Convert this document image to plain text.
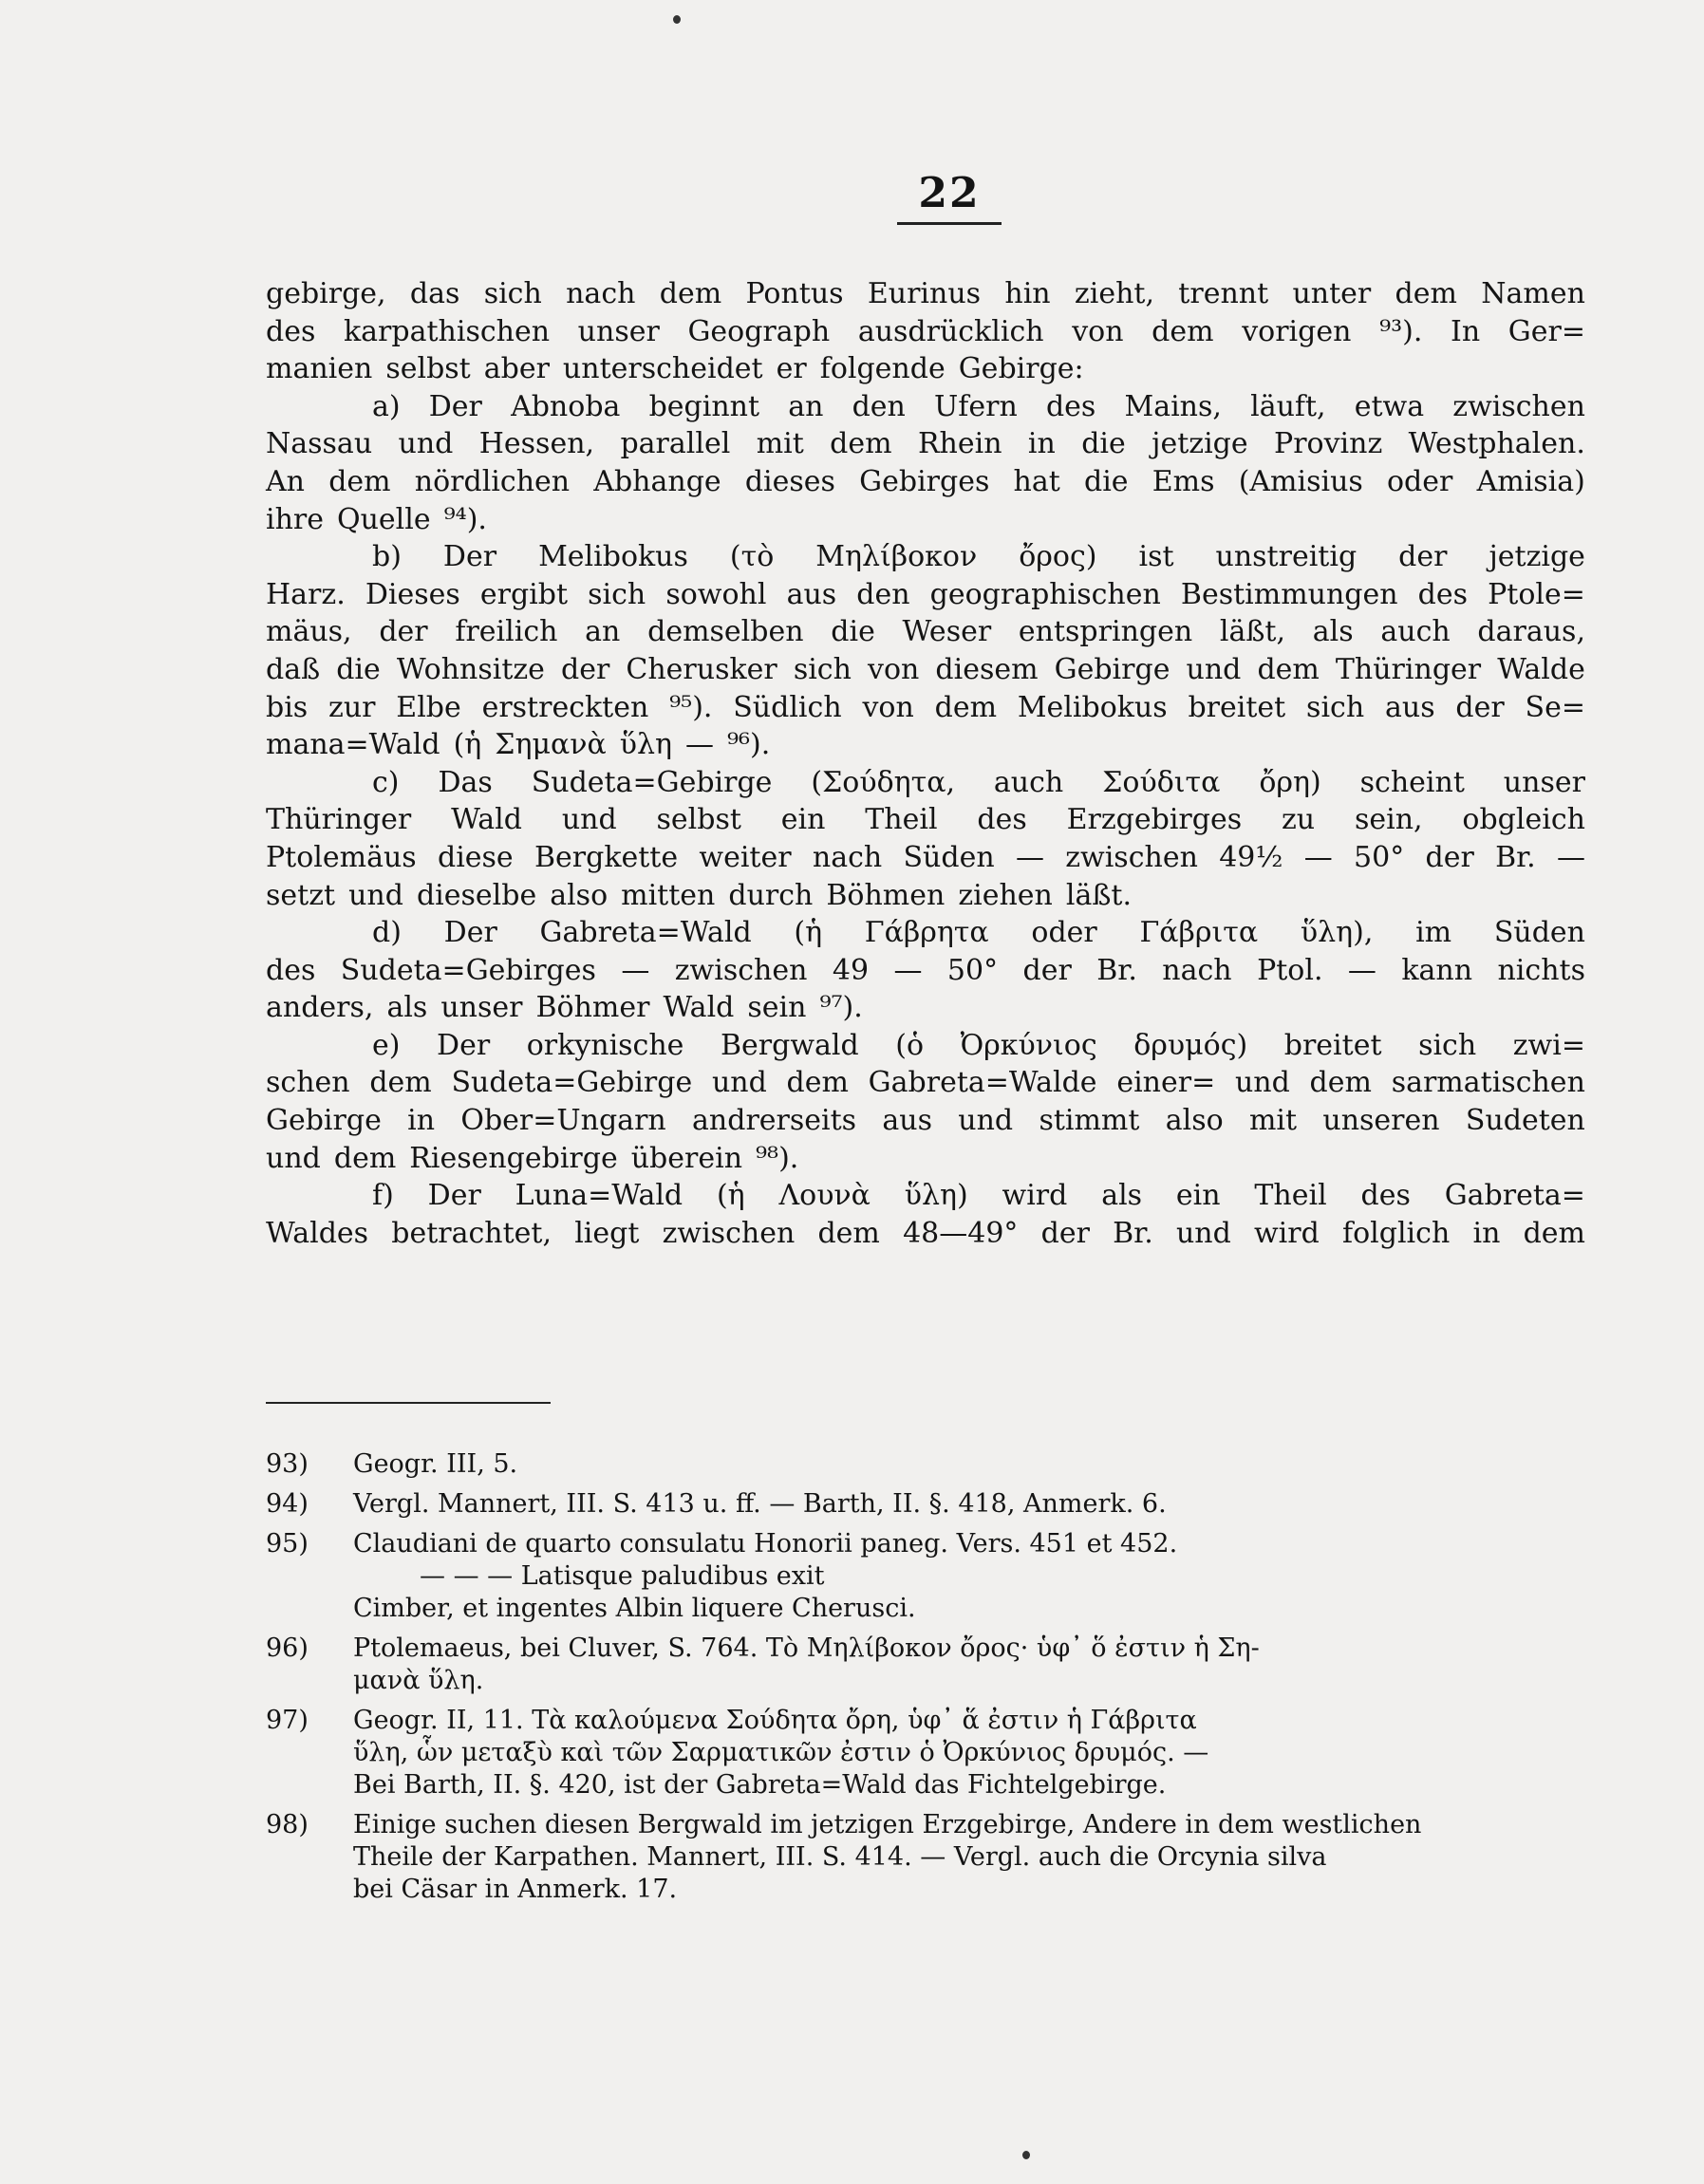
22
gebirge, das sich nach dem Pontus Eurinus hin zieht, trennt unter dem Namen
des karpathischen unser Geograph ausdrücklich von dem vorigen ⁹³). In Ger=
manien selbst aber unterscheidet er folgende Gebirge:
a) Der Abnoba beginnt an den Ufern des Mains, läuft, etwa zwischen
Nassau und Hessen, parallel mit dem Rhein in die jetzige Provinz Westphalen.
An dem nördlichen Abhange dieses Gebirges hat die Ems (Amisius oder Amisia)
ihre Quelle ⁹⁴).
b) Der Melibokus (τὸ Μηλίβοκον ὄρος) ist unstreitig der jetzige
Harz. Dieses ergibt sich sowohl aus den geographischen Bestimmungen des Ptole=
mäus, der freilich an demselben die Weser entspringen läßt, als auch daraus,
daß die Wohnsitze der Cherusker sich von diesem Gebirge und dem Thüringer Walde
bis zur Elbe erstreckten ⁹⁵). Südlich von dem Melibokus breitet sich aus der Se=
mana=Wald (ἡ Σημανὰ ὕλη — ⁹⁶).
c) Das Sudeta=Gebirge (Σούδητα, auch Σούδιτα ὄρη) scheint unser
Thüringer Wald und selbst ein Theil des Erzgebirges zu sein, obgleich
Ptolemäus diese Bergkette weiter nach Süden — zwischen 49½ — 50° der Br. —
setzt und dieselbe also mitten durch Böhmen ziehen läßt.
d) Der Gabreta=Wald (ἡ Γάβρητα oder Γάβριτα ὕλη), im Süden
des Sudeta=Gebirges — zwischen 49 — 50° der Br. nach Ptol. — kann nichts
anders, als unser Böhmer Wald sein ⁹⁷).
e) Der orkynische Bergwald (ὁ Ὀρκύνιος δρυμός) breitet sich zwi=
schen dem Sudeta=Gebirge und dem Gabreta=Walde einer= und dem sarmatischen
Gebirge in Ober=Ungarn andrerseits aus und stimmt also mit unseren Sudeten
und dem Riesengebirge überein ⁹⁸).
f) Der Luna=Wald (ἡ Λουνὰ ὕλη) wird als ein Theil des Gabreta=
Waldes betrachtet, liegt zwischen dem 48—49° der Br. und wird folglich in dem
93)	Geogr. III, 5.
94)	Vergl. Mannert, III. S. 413 u. ff. — Barth, II. §. 418, Anmerk. 6.
95)	Claudiani de quarto consulatu Honorii paneg. Vers. 451 et 452.
— — — Latisque paludibus exit
Cimber, et ingentes Albin liquere Cherusci.
96)	Ptolemaeus, bei Cluver, S. 764. Τὸ Μηλίβοκον ὄρος· ὑφ᾽ ὅ ἐστιν ἡ Ση-
μανὰ ὕλη.
97)	Geogr. II, 11. Τὰ καλούμενα Σούδητα ὄρη, ὑφ᾽ ἅ ἐστιν ἡ Γάβριτα
ὕλη, ὧν μεταξὺ καὶ τῶν Σαρματικῶν ἐστιν ὁ Ὀρκύνιος δρυμός. —
Bei Barth, II. §. 420, ist der Gabreta=Wald das Fichtelgebirge.
98)	Einige suchen diesen Bergwald im jetzigen Erzgebirge, Andere in dem westlichen
Theile der Karpathen. Mannert, III. S. 414. — Vergl. auch die Orcynia silva
bei Cäsar in Anmerk. 17.
